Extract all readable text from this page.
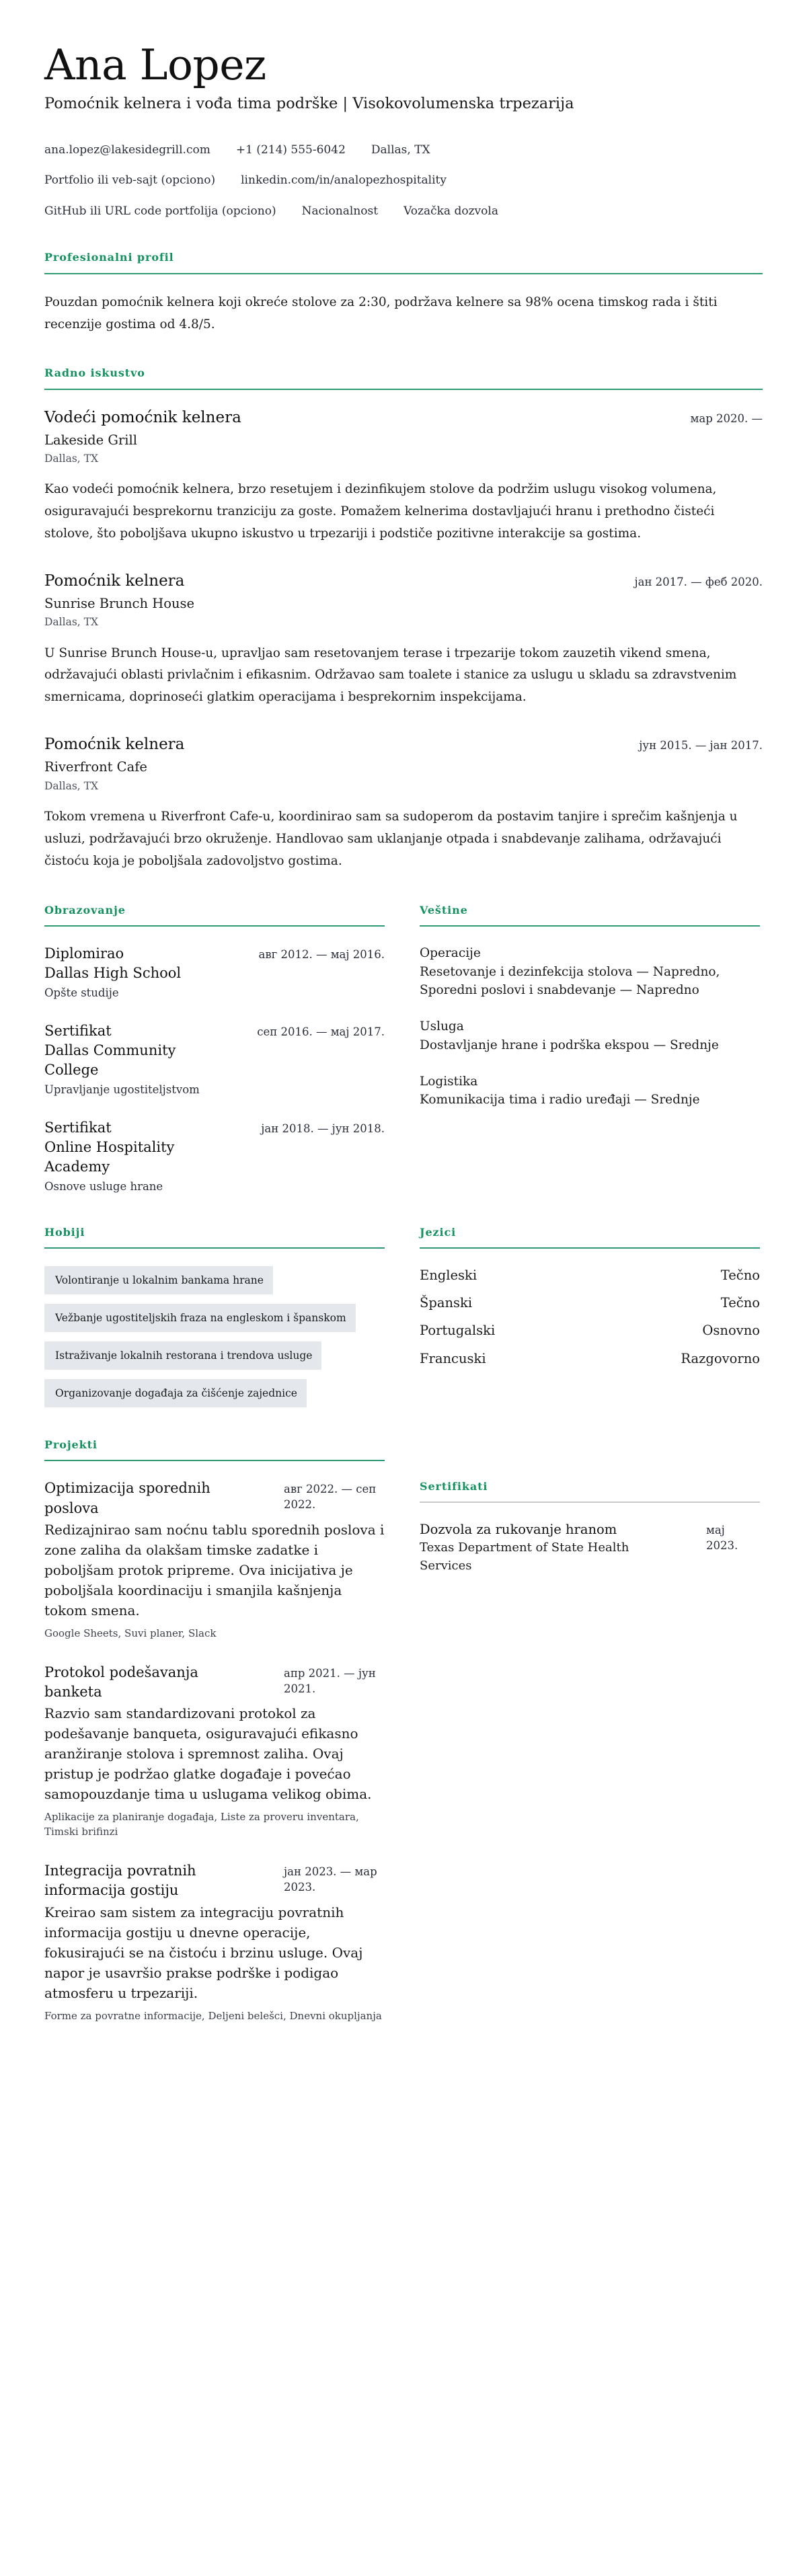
Ana Lopez
Pomoćnik kelnera i vođa tima podrške | Visokovolumenska trpezarija
ana.lopez@lakesidegrill.com +1 (214) 555-6042 Dallas, TX
Portfolio ili veb-sajt (opciono) linkedin.com/in/analopezhospitality
GitHub ili URL code portfolija (opciono) Nacionalnost Vozačka dozvola
Profesionalni profil

Pouzdan pomoćnik kelnera koji okreće stolove za 2:30, podržava kelnere sa 98% ocena timskog rada i štiti recenzije gostima od 4.8/5.

Radno iskustvo
Vodeći pomoćnik kelnera	мар 2020. —
Lakeside Grill
Dallas, TX

Kao vodeći pomoćnik kelnera, brzo resetujem i dezinfikujem stolove da podržim uslugu visokog volumena, osiguravajući besprekornu tranziciju za goste. Pomažem kelnerima dostavljajući hranu i prethodno čisteći stolove, što poboljšava ukupno iskustvo u trpezariji i podstiče pozitivne interakcije sa gostima.

Pomoćnik kelnera	јан 2017. — феб 2020.
Sunrise Brunch House
Dallas, TX

U Sunrise Brunch House-u, upravljao sam resetovanjem terase i trpezarije tokom zauzetih vikend smena, održavajući oblasti privlačnim i efikasnim. Održavao sam toalete i stanice za uslugu u skladu sa zdravstvenim smernicama, doprinoseći glatkim operacijama i besprekornim inspekcijama.

Pomoćnik kelnera	јун 2015. — јан 2017.
Riverfront Cafe
Dallas, TX

Tokom vremena u Riverfront Cafe-u, koordinirao sam sa sudoperom da postavim tanjire i sprečim kašnjenja u usluzi, podržavajući brzo okruženje. Handlovao sam uklanjanje otpada i snabdevanje zalihama, održavajući čistoću koja je poboljšala zadovoljstvo gostima.

Obrazovanje
Diplomirao
Dallas High School
Opšte studije
авг 2012. — мај 2016.
Sertifikat
Dallas Community College
Upravljanje ugostiteljstvom
сеп 2016. — мај 2017.
Sertifikat
Online Hospitality Academy
Osnove usluge hrane
јан 2018. — јун 2018.
Veštine
Operacije
Resetovanje i dezinfekcija stolova — Napredno, Sporedni poslovi i snabdevanje — Napredno
Usluga
Dostavljanje hrane i podrška ekspou — Srednje
Logistika
Komunikacija tima i radio uređaji — Srednje
Hobiji
Volontiranje u lokalnim bankama hrane
Vežbanje ugostiteljskih fraza na engleskom i španskom
Istraživanje lokalnih restorana i trendova usluge
Organizovanje događaja za čišćenje zajednice
Jezici
Engleski	Tečno
Španski	Tečno
Portugalski	Osnovno
Francuski	Razgovorno
Projekti
Optimizacija sporednih poslova
авг 2022. — сеп 2022.

Redizajnirao sam noćnu tablu sporednih poslova i zone zaliha da olakšam timske zadatke i poboljšam protok pripreme. Ova inicijativa je poboljšala koordinaciju i smanjila kašnjenja tokom smena.

Google Sheets, Suvi planer, Slack
Protokol podešavanja banketa
апр 2021. — јун 2021.

Razvio sam standardizovani protokol za podešavanje banqueta, osiguravajući efikasno aranžiranje stolova i spremnost zaliha. Ovaj pristup je podržao glatke događaje i povećao samopouzdanje tima u uslugama velikog obima.

Aplikacije za planiranje događaja, Liste za proveru inventara, Timski brifinzi
Integracija povratnih informacija gostiju
јан 2023. — мар 2023.

Kreirao sam sistem za integraciju povratnih informacija gostiju u dnevne operacije, fokusirajući se na čistoću i brzinu usluge. Ovaj napor je usavršio prakse podrške i podigao atmosferu u trpezariji.

Forme za povratne informacije, Deljeni belešci, Dnevni okupljanja
Sertifikati
Dozvola za rukovanje hranom
Texas Department of State Health Services
мај 2023.
